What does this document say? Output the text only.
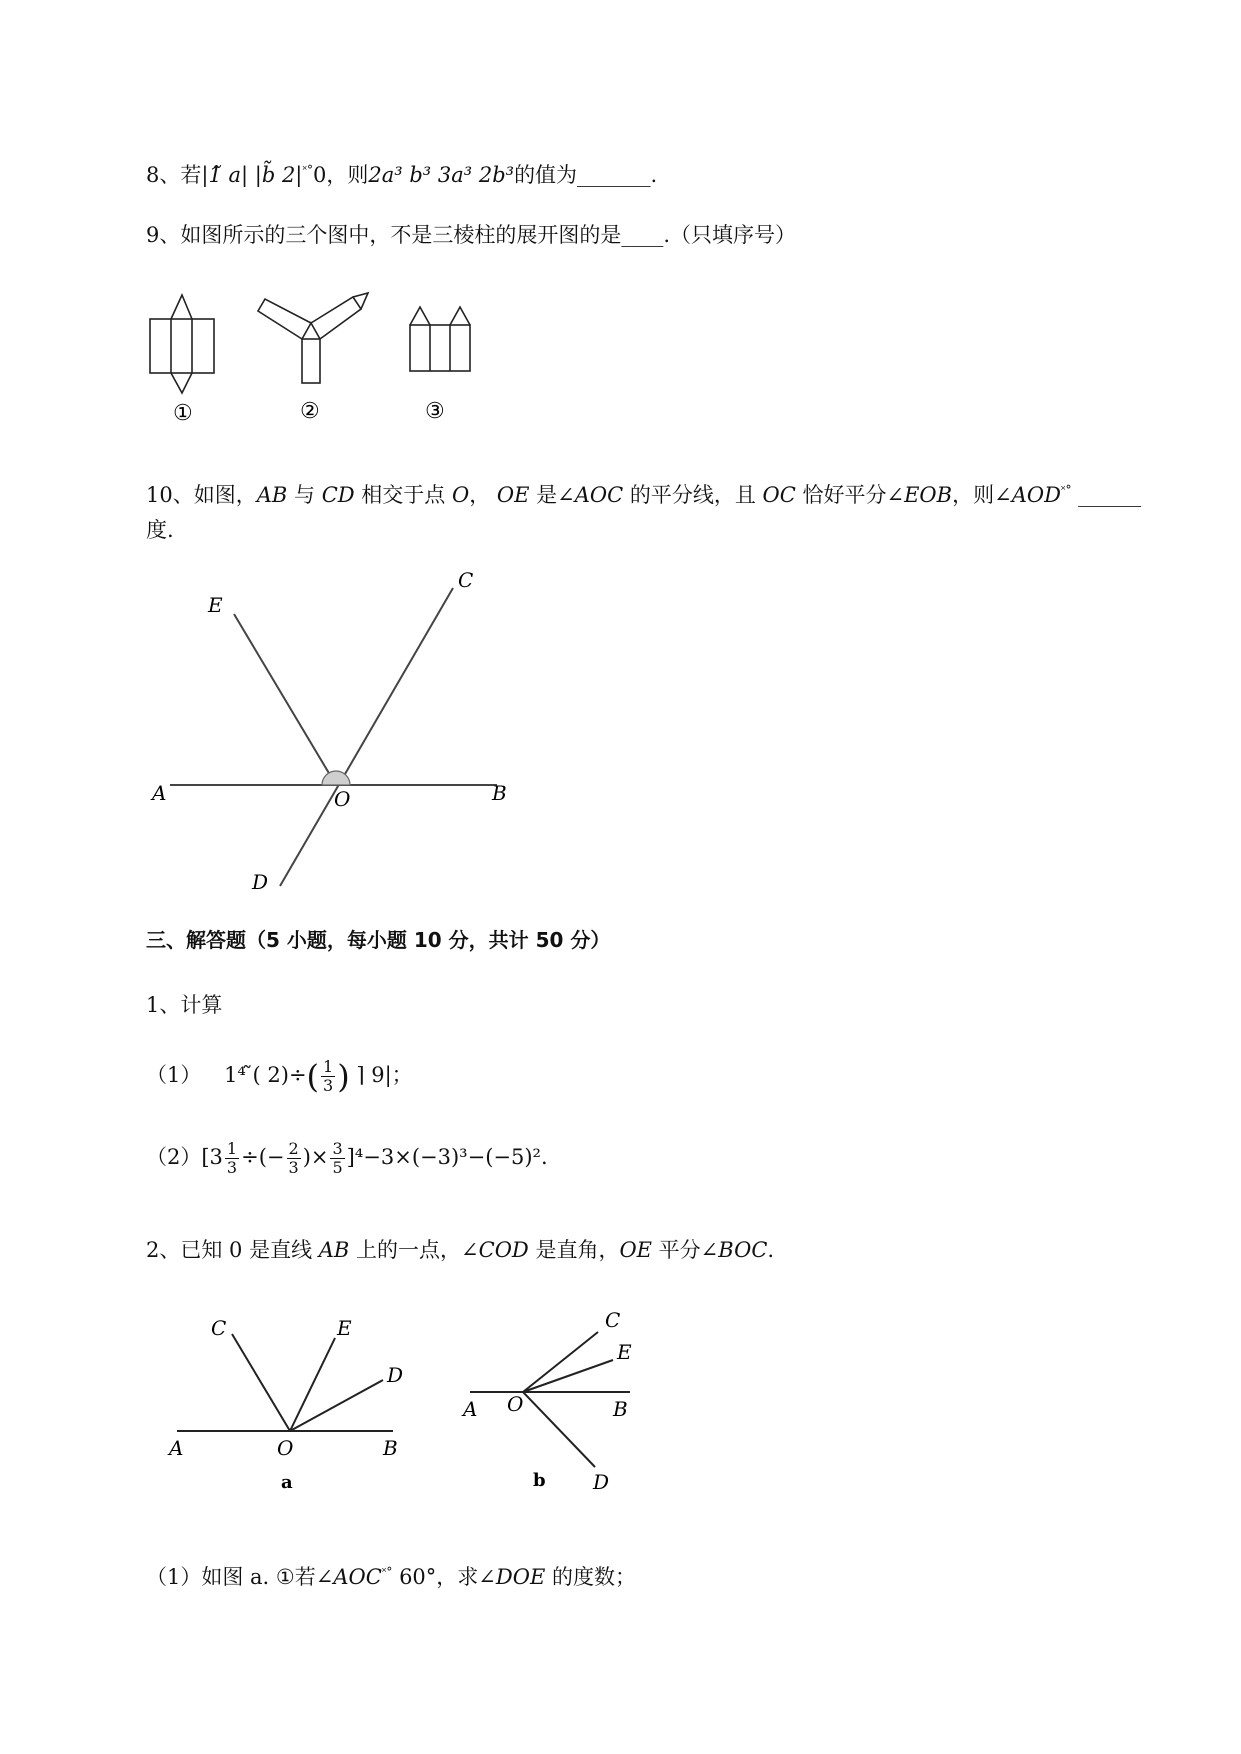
8、若|1̃ a| |b̃ 2|˟°0，则2a³ b³ 3a³ 2b³的值为_______.
9、如图所示的三个图中，不是三棱柱的展开图的是____.（只填序号）
①	②	③
10、如图，AB 与 CD 相交于点 O， OE 是∠AOC 的平分线，且 OC 恰好平分∠EOB，则∠AOD˟° ______
度.
E
C
A	O	B
D
三、解答题（5 小题，每小题 10 分，共计 50 分）
1、计算
（1） 1⁴ ̃( $2)\div( \frac{1}{3}$ ) ⌉ 9|；
$(2)[3 \frac{1}{3}$ ÷(− $\frac{2}{3}$ )× $\frac{3}{5} ]^4-3\times(-3)^3-(-5)^2$.
2、已知 0 是直线 AB 上的一点，∠COD 是直角，OE 平分∠BOC.
C	E
D
A	O	B
a
C
E
A O	B
D
b
（1）如图 a. ①若∠AOC˟° 60°，求∠DOE 的度数；
